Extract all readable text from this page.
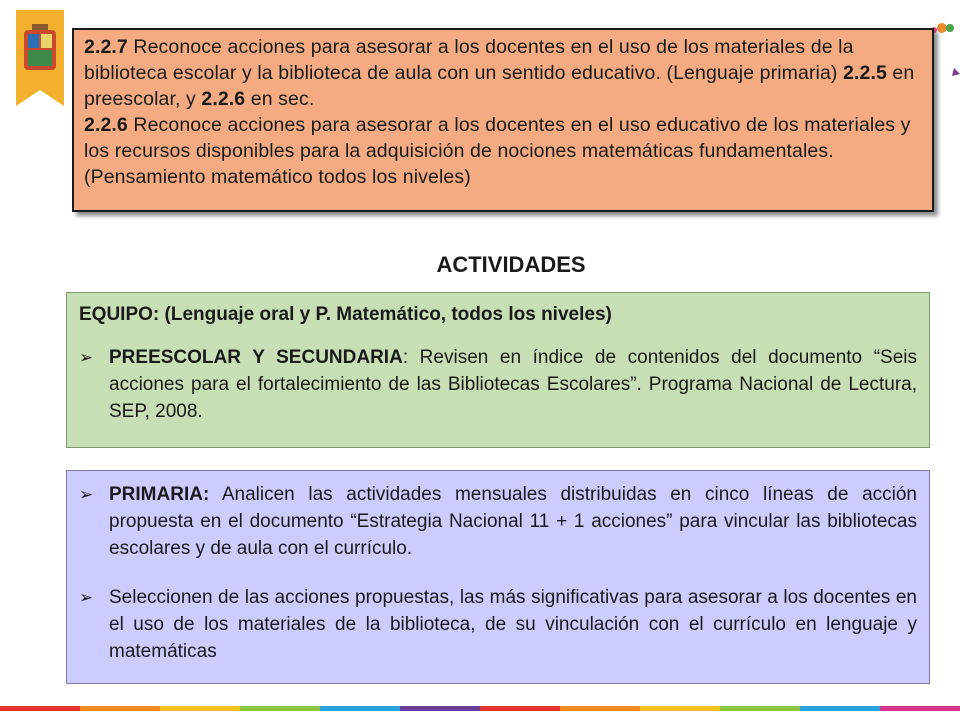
2.2.7 Reconoce acciones para asesorar a los docentes en el uso de los materiales de la biblioteca escolar y la biblioteca de aula con un sentido educativo. (Lenguaje primaria) 2.2.5 en preescolar, y 2.2.6 en sec.

2.2.6 Reconoce acciones para asesorar a los docentes en el uso educativo de los materiales y los recursos disponibles para la adquisición de nociones matemáticas fundamentales. (Pensamiento matemático todos los niveles)

ACTIVIDADES

EQUIPO: (Lenguaje oral y P. Matemático, todos los niveles)

➢ PREESCOLAR Y SECUNDARIA: Revisen en índice de contenidos del documento “Seis acciones para el fortalecimiento de las Bibliotecas Escolares”. Programa Nacional de Lectura, SEP, 2008.
➢ PRIMARIA: Analicen las actividades mensuales distribuidas en cinco líneas de acción propuesta en el documento “Estrategia Nacional 11 + 1 acciones” para vincular las bibliotecas escolares y de aula con el currículo.
➢ Seleccionen de las acciones propuestas, las más significativas para asesorar a los docentes en el uso de los materiales de la biblioteca, de su vinculación con el currículo en lenguaje y matemáticas
